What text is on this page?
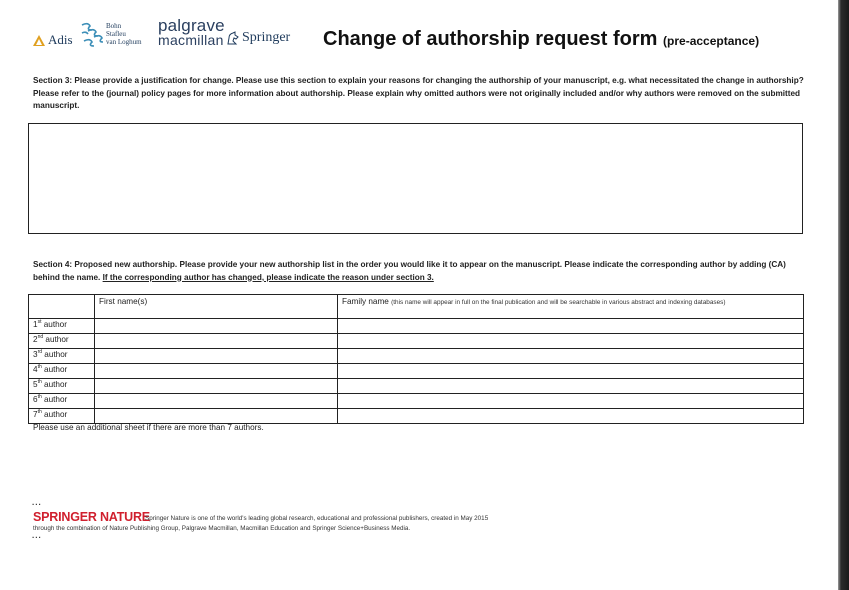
Adis
Bohn
Stafleu
van Loghum
palgrave
macmillan Springer Change of authorship request form (pre-acceptance)
Section 3: Please provide a justification for change. Please use this section to explain your reasons for changing the authorship of your manuscript, e.g. what necessitated the change in authorship? Please refer to the (journal) policy pages for more information about authorship. Please explain why omitted authors were not originally included and/or why authors were removed on the submitted manuscript.
Section 4: Proposed new authorship. Please provide your new authorship list in the order you would like it to appear on the manuscript. Please indicate the corresponding author by adding (CA) behind the name. If the corresponding author has changed, please indicate the reason under section 3.
	First name(s)	Family name (this name will appear in full on the final publication and will be searchable in various abstract and indexing databases)
1st author		
2nd author		
3rd author		
4th author		
5th author		
6th author		
7th author		
Please use an additional sheet if there are more than 7 authors.
...
SPRINGER NATURE
Springer Nature is one of the world's leading global research, educational and professional publishers, created in May 2015
through the combination of Nature Publishing Group, Palgrave Macmillan, Macmillan Education and Springer Science+Business Media.
...
